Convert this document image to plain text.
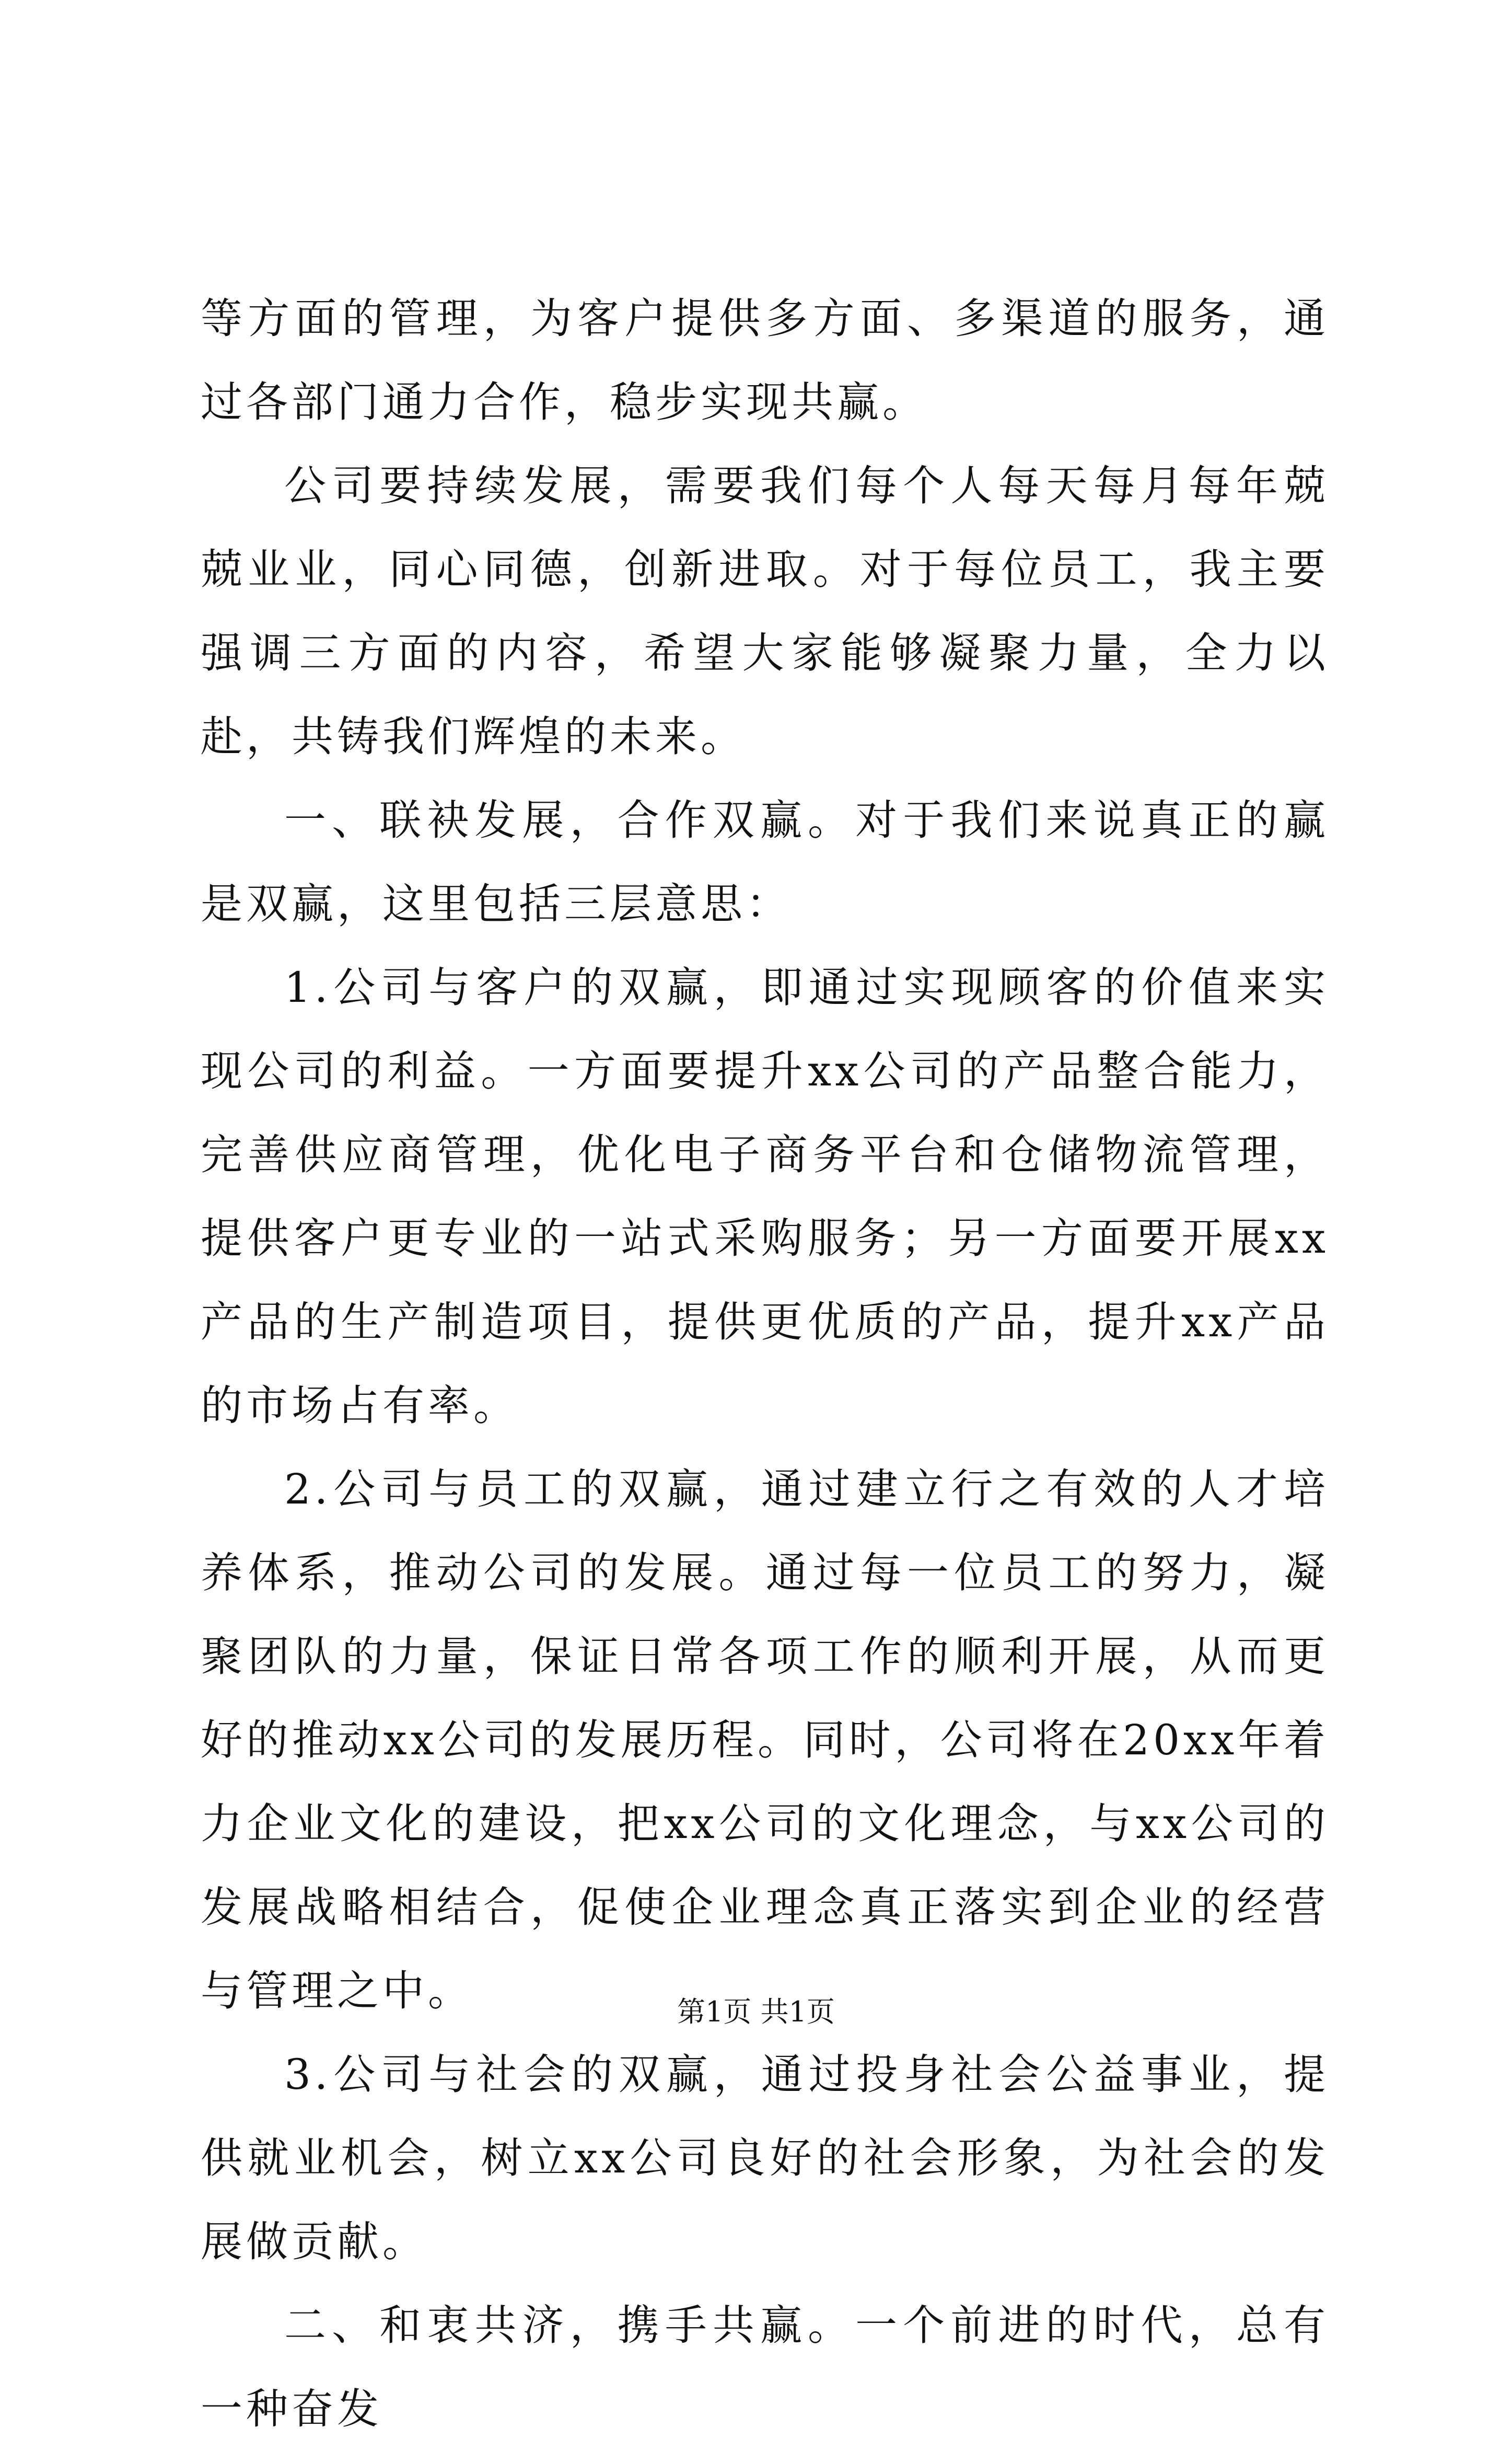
等方面的管理，为客户提供多方面、多渠道的服务，通过各部门通力合作，稳步实现共赢。

公司要持续发展，需要我们每个人每天每月每年兢兢业业，同心同德，创新进取。对于每位员工，我主要强调三方面的内容，希望大家能够凝聚力量，全力以赴，共铸我们辉煌的未来。

一、联袂发展，合作双赢。对于我们来说真正的赢是双赢，这里包括三层意思：

1.公司与客户的双赢，即通过实现顾客的价值来实现公司的利益。一方面要提升xx公司的产品整合能力，完善供应商管理，优化电子商务平台和仓储物流管理，提供客户更专业的一站式采购服务；另一方面要开展xx产品的生产制造项目，提供更优质的产品，提升xx产品的市场占有率。

2.公司与员工的双赢，通过建立行之有效的人才培养体系，推动公司的发展。通过每一位员工的努力，凝聚团队的力量，保证日常各项工作的顺利开展，从而更好的推动xx公司的发展历程。同时，公司将在20xx年着力企业文化的建设，把xx公司的文化理念，与xx公司的发展战略相结合，促使企业理念真正落实到企业的经营与管理之中。

3.公司与社会的双赢，通过投身社会公益事业，提供就业机会，树立xx公司良好的社会形象，为社会的发展做贡献。

二、和衷共济，携手共赢。一个前进的时代，总有一种奋发

第1页 共1页
